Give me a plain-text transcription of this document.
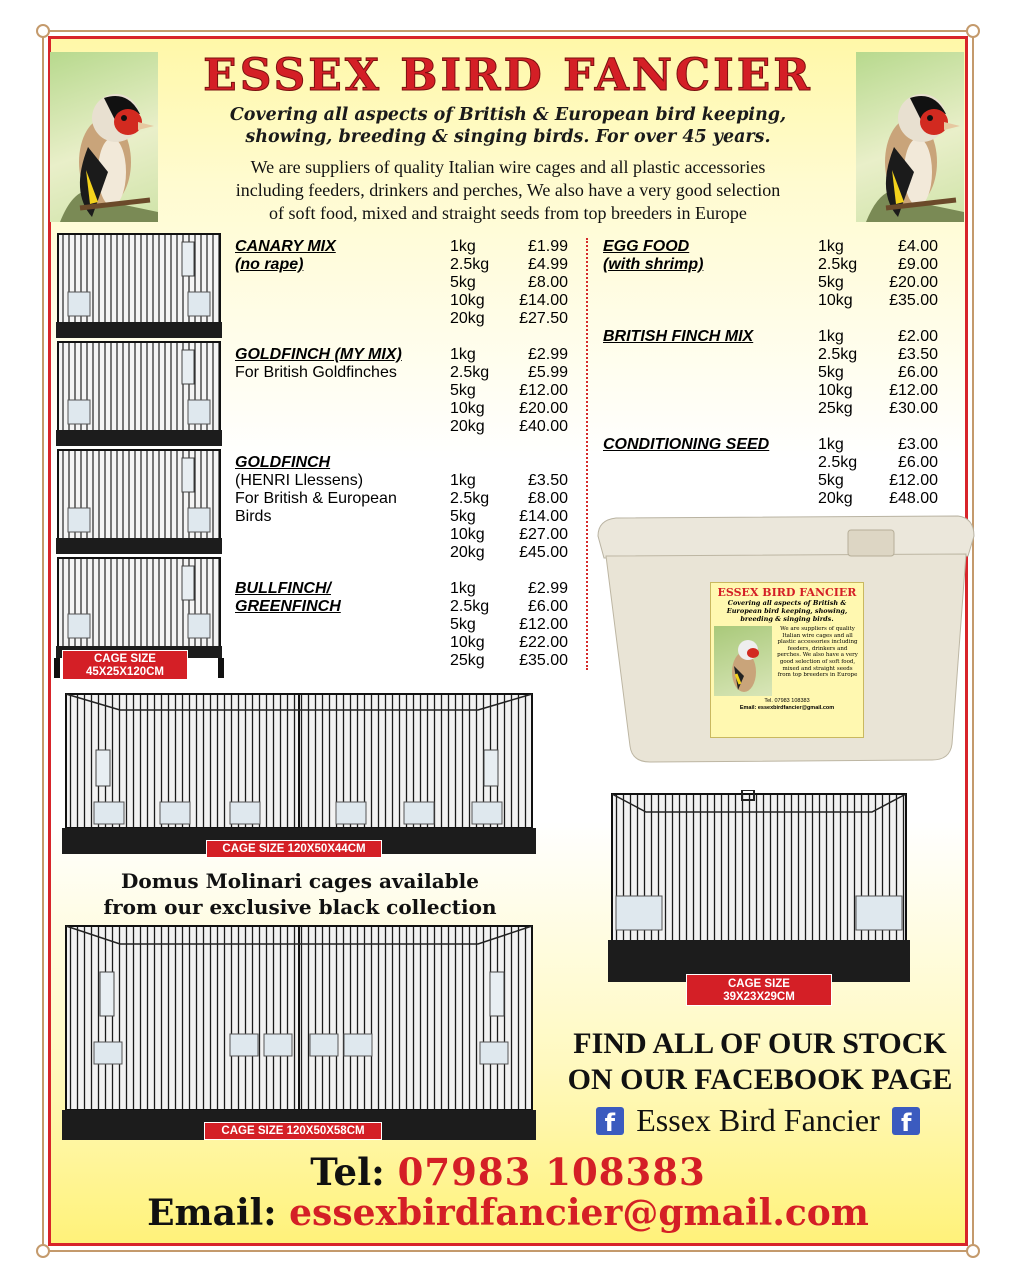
ESSEX BIRD FANCIER
Covering all aspects of British & European bird keeping,
showing, breeding & singing birds. For over 45 years.
We are suppliers of quality Italian wire cages and all plastic accessories
including feeders, drinkers and perches, We also have a very good selection
of soft food, mixed and straight seeds from top breeders in Europe
CAGE SIZE
45X25X120CM
ESSEX BIRD FANCIER
Covering all aspects of British & European bird keeping, showing, breeding & singing birds.
We are suppliers of quality Italian wire cages and all plastic accessories including feeders, drinkers and perches. We also have a very good selection of soft food, mixed and straight seeds from top breeders in Europe
Tel. 07983 108383
Email: essexbirdfancier@gmail.com
CAGE SIZE 120X50X44CM
Domus Molinari cages available
from our exclusive black collection
CAGE SIZE 120X50X58CM
CAGE SIZE
39X23X29CM
FIND ALL OF OUR STOCK
ON OUR FACEBOOK PAGE
f Essex Bird Fancier f
Tel: 07983 108383
Email: essexbirdfancier@gmail.com
CANARY MIX
(no rape)
1kg	£1.99
2.5kg	£4.99
5kg	£8.00
10kg	£14.00
20kg	£27.50
GOLDFINCH (MY MIX)
For British Goldfinches
1kg	£2.99
2.5kg	£5.99
5kg	£12.00
10kg	£20.00
20kg	£40.00
GOLDFINCH
(HENRI Llessens)
For British & European
Birds
1kg	£3.50
2.5kg	£8.00
5kg	£14.00
10kg	£27.00
20kg	£45.00
BULLFINCH/
GREENFINCH
1kg	£2.99
2.5kg	£6.00
5kg	£12.00
10kg	£22.00
25kg	£35.00
EGG FOOD
(with shrimp)
1kg	£4.00
2.5kg	£9.00
5kg	£20.00
10kg	£35.00
BRITISH FINCH MIX	1kg	£2.00
2.5kg	£3.50
5kg	£6.00
10kg	£12.00
25kg	£30.00
CONDITIONING SEED	1kg	£3.00
2.5kg	£6.00
5kg	£12.00
20kg	£48.00
